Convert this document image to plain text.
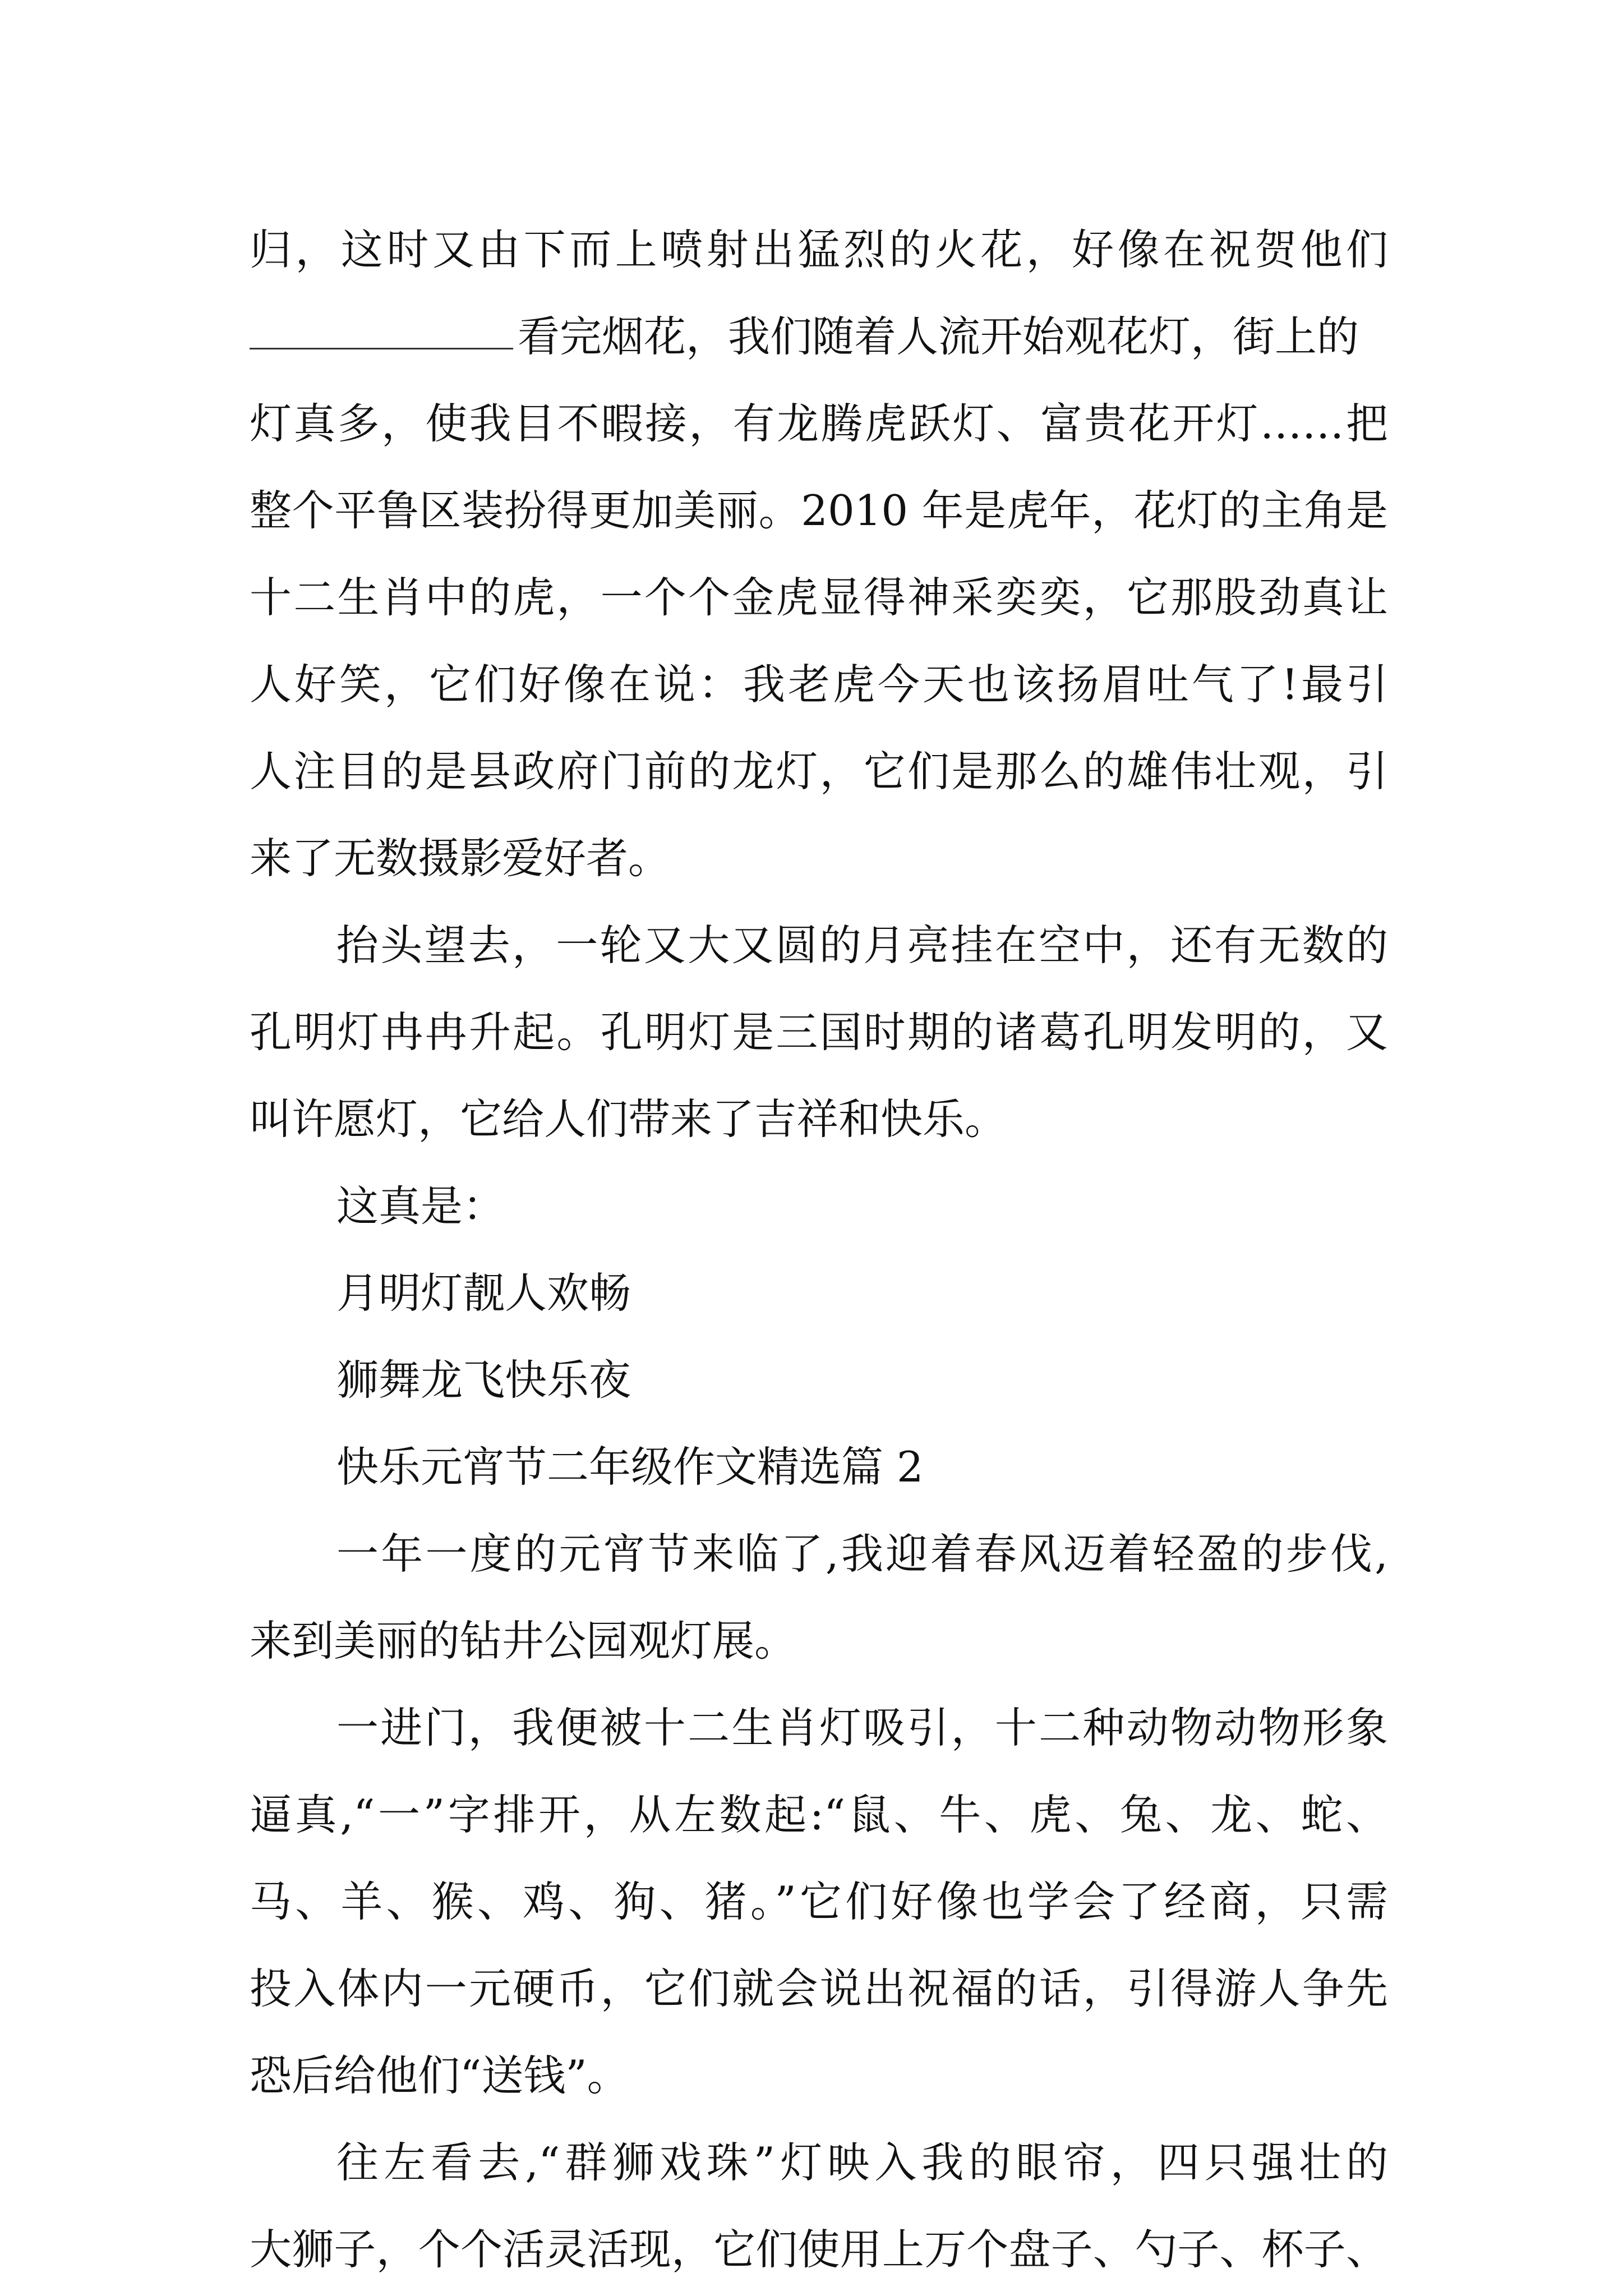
归，这时又由下而上喷射出猛烈的火花，好像在祝贺他们
看完烟花，我们随着人流开始观花灯，街上的
灯真多，使我目不暇接，有龙腾虎跃灯、富贵花开灯……把
整个平鲁区装扮得更加美丽。2010 年是虎年，花灯的主角是
十二生肖中的虎，一个个金虎显得神采奕奕，它那股劲真让
人好笑，它们好像在说：我老虎今天也该扬眉吐气了!最引
人注目的是县政府门前的龙灯，它们是那么的雄伟壮观，引
来了无数摄影爱好者。
抬头望去，一轮又大又圆的月亮挂在空中，还有无数的
孔明灯冉冉升起。孔明灯是三国时期的诸葛孔明发明的，又
叫许愿灯，它给人们带来了吉祥和快乐。
这真是：
月明灯靓人欢畅
狮舞龙飞快乐夜
快乐元宵节二年级作文精选篇 2
一年一度的元宵节来临了,我迎着春风迈着轻盈的步伐,
来到美丽的钻井公园观灯展。
一进门，我便被十二生肖灯吸引，十二种动物动物形象
逼真,“一”字排开，从左数起:“鼠、牛、虎、兔、龙、蛇、
马、羊、猴、鸡、狗、猪。”它们好像也学会了经商，只需
投入体内一元硬币，它们就会说出祝福的话，引得游人争先
恐后给他们“送钱”。
往左看去,“群狮戏珠”灯映入我的眼帘，四只强壮的
大狮子，个个活灵活现，它们使用上万个盘子、勺子、杯子、
